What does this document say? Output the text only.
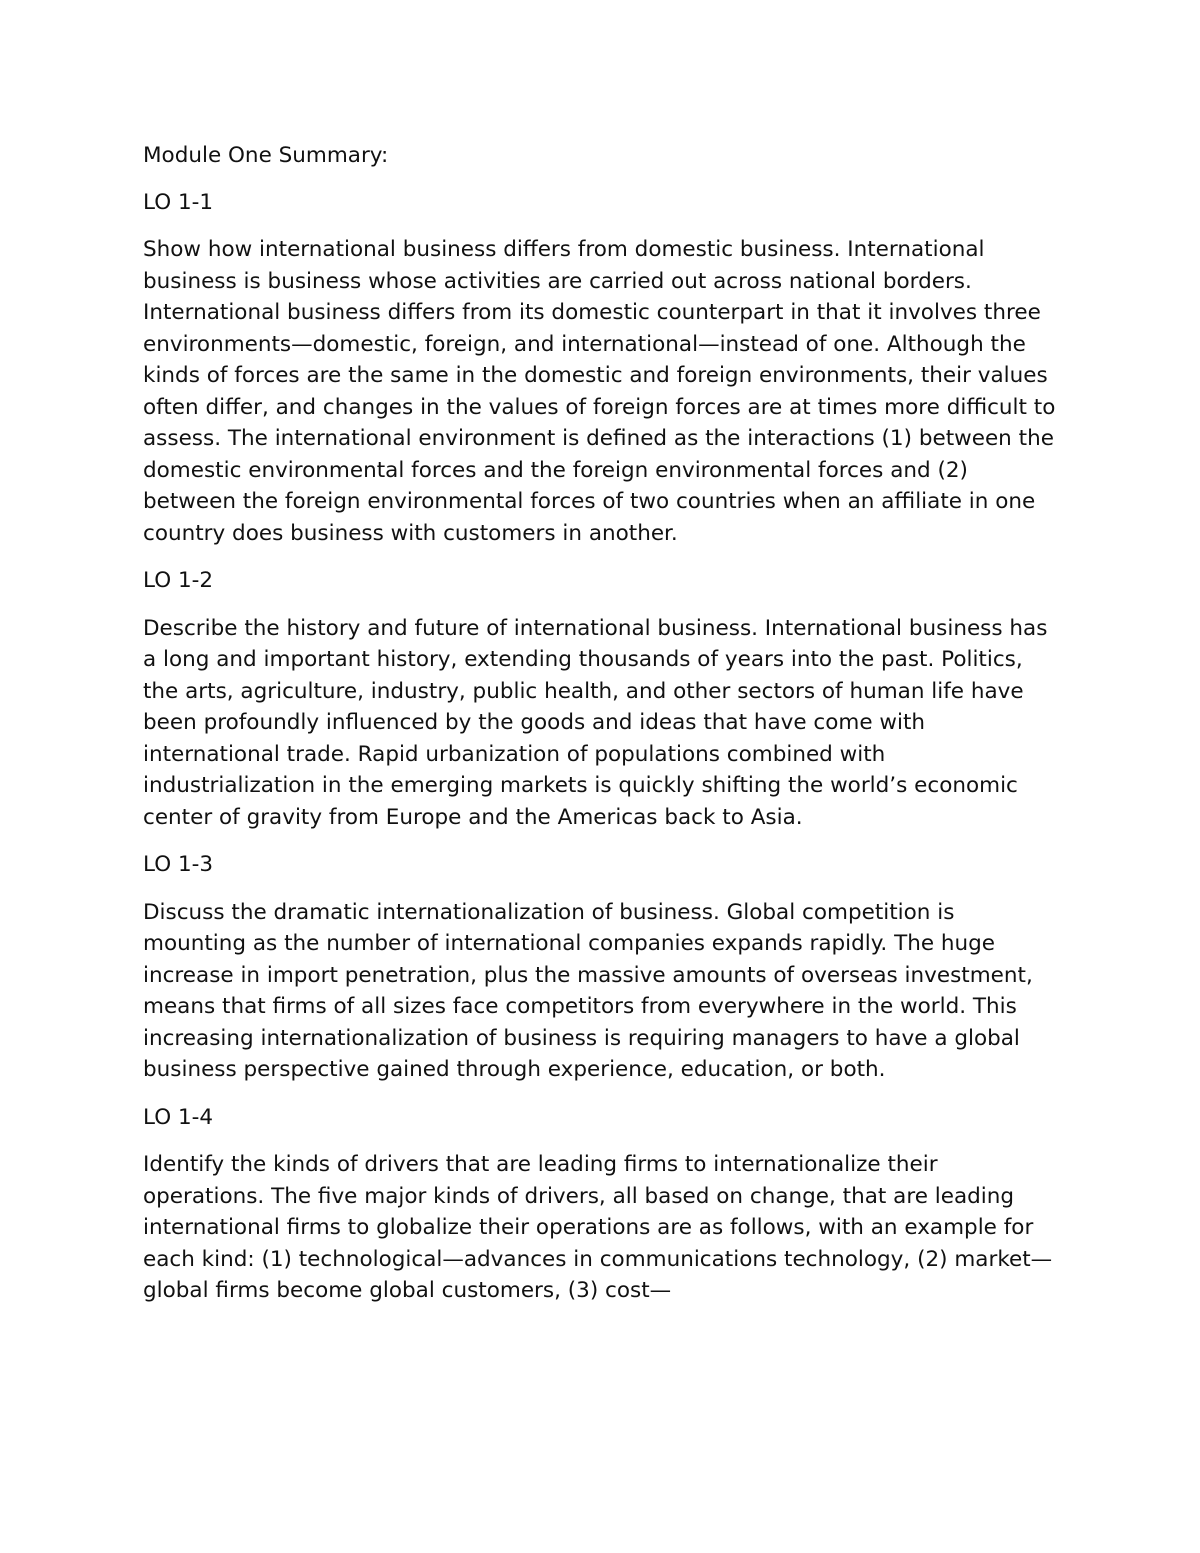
Module One Summary:
LO 1-1
Show how international business differs from domestic business. International business is business whose activities are carried out across national borders. International business differs from its domestic counterpart in that it involves three environments—domestic, foreign, and international—instead of one. Although the kinds of forces are the same in the domestic and foreign environments, their values often differ, and changes in the values of foreign forces are at times more difficult to assess. The international environment is defined as the interactions (1) between the domestic environmental forces and the foreign environmental forces and (2) between the foreign environmental forces of two countries when an affiliate in one country does business with customers in another.
LO 1-2
Describe the history and future of international business. International business has a long and important history, extending thousands of years into the past. Politics, the arts, agriculture, industry, public health, and other sectors of human life have been profoundly influenced by the goods and ideas that have come with international trade. Rapid urbanization of populations combined with industrialization in the emerging markets is quickly shifting the world’s economic center of gravity from Europe and the Americas back to Asia.
LO 1-3
Discuss the dramatic internationalization of business. Global competition is mounting as the number of international companies expands rapidly. The huge increase in import penetration, plus the massive amounts of overseas investment, means that firms of all sizes face competitors from everywhere in the world. This increasing internationalization of business is requiring managers to have a global business perspective gained through experience, education, or both.
LO 1-4
Identify the kinds of drivers that are leading firms to internationalize their operations. The five major kinds of drivers, all based on change, that are leading international firms to globalize their operations are as follows, with an example for each kind: (1) technological—advances in communications technology, (2) market—global firms become global customers, (3) cost—
